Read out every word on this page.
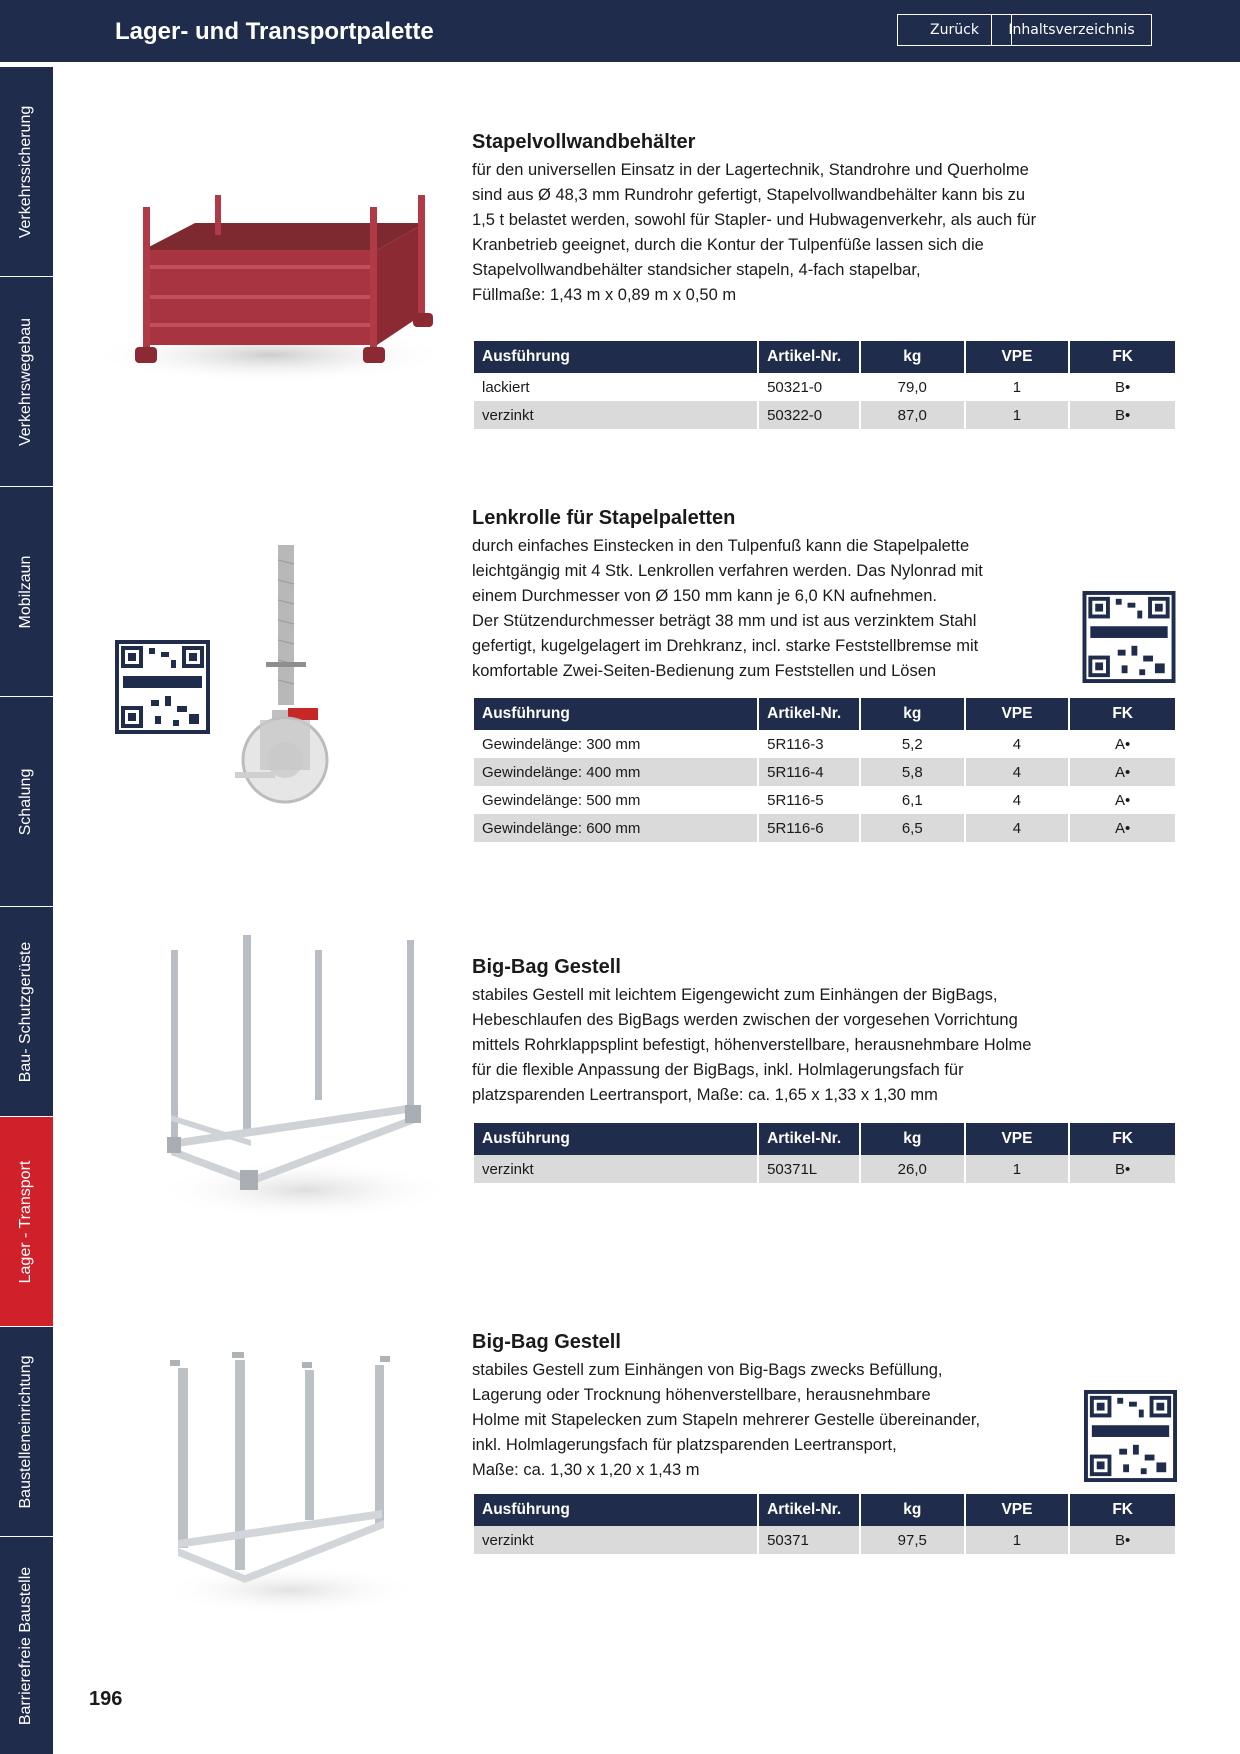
Lager- und Transportpalette	Zurück	Inhaltsverzeichnis
Verkehrssicherung
Verkehrswegebau
Mobilzaun
Schalung
Bau- Schutzgerüste
Lager - Transport
Baustelleneinrichtung
Barrierefreie Baustelle
Stapelvollwandbehälter

für den universellen Einsatz in der Lagertechnik, Standrohre und Querholme
sind aus Ø 48,3 mm Rundrohr gefertigt, Stapelvollwandbehälter kann bis zu
1,5 t belastet werden, sowohl für Stapler- und Hubwagenverkehr, als auch für
Kranbetrieb geeignet, durch die Kontur der Tulpenfüße lassen sich die
Stapelvollwandbehälter standsicher stapeln, 4-fach stapelbar,
Füllmaße: 1,43 m x 0,89 m x 0,50 m

Ausführung	Artikel-Nr.	kg	VPE	FK
lackiert	50321-0	79,0	1	B•
verzinkt	50322-0	87,0	1	B•
Lenkrolle für Stapelpaletten

durch einfaches Einstecken in den Tulpenfuß kann die Stapelpalette
leichtgängig mit 4 Stk. Lenkrollen verfahren werden. Das Nylonrad mit
einem Durchmesser von Ø 150 mm kann je 6,0 KN aufnehmen.
Der Stützendurchmesser beträgt 38 mm und ist aus verzinktem Stahl
gefertigt, kugelgelagert im Drehkranz, incl. starke Feststellbremse mit
komfortable Zwei-Seiten-Bedienung zum Feststellen und Lösen

Ausführung	Artikel-Nr.	kg	VPE	FK
Gewindelänge: 300 mm	5R116-3	5,2	4	A•
Gewindelänge: 400 mm	5R116-4	5,8	4	A•
Gewindelänge: 500 mm	5R116-5	6,1	4	A•
Gewindelänge: 600 mm	5R116-6	6,5	4	A•
Big-Bag Gestell

stabiles Gestell mit leichtem Eigengewicht zum Einhängen der BigBags,
Hebeschlaufen des BigBags werden zwischen der vorgesehen Vorrichtung
mittels Rohrklappsplint befestigt, höhenverstellbare, herausnehmbare Holme
für die flexible Anpassung der BigBags, inkl. Holmlagerungsfach für
platzsparenden Leertransport, Maße: ca. 1,65 x 1,33 x 1,30 mm

Ausführung	Artikel-Nr.	kg	VPE	FK
verzinkt	50371L	26,0	1	B•
Big-Bag Gestell

stabiles Gestell zum Einhängen von Big-Bags zwecks Befüllung,
Lagerung oder Trocknung höhenverstellbare, herausnehmbare
Holme mit Stapelecken zum Stapeln mehrerer Gestelle übereinander,
inkl. Holmlagerungsfach für platzsparenden Leertransport,
Maße: ca. 1,30 x 1,20 x 1,43 m

Ausführung	Artikel-Nr.	kg	VPE	FK
verzinkt	50371	97,5	1	B•
196
